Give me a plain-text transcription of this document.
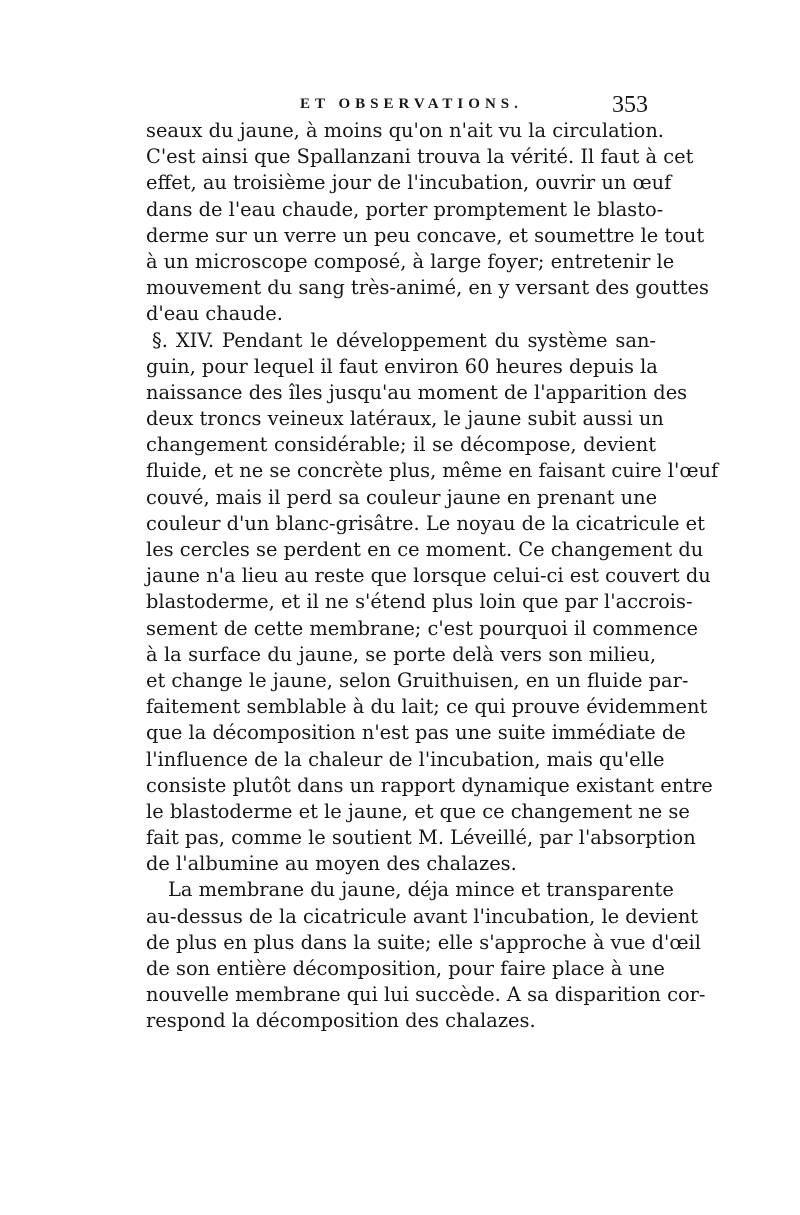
ET OBSERVATIONS.	353
seaux du jaune, à moins qu'on n'ait vu la circulation.
C'est ainsi que Spallanzani trouva la vérité. Il faut à cet
effet, au troisième jour de l'incubation, ouvrir un œuf
dans de l'eau chaude, porter promptement le blasto-
derme sur un verre un peu concave, et soumettre le tout
à un microscope composé, à large foyer; entretenir le
mouvement du sang très-animé, en y versant des gouttes
d'eau chaude.
§. XIV. Pendant le développement du système san-
guin, pour lequel il faut environ 60 heures depuis la
naissance des îles jusqu'au moment de l'apparition des
deux troncs veineux latéraux, le jaune subit aussi un
changement considérable; il se décompose, devient
fluide, et ne se concrète plus, même en faisant cuire l'œuf
couvé, mais il perd sa couleur jaune en prenant une
couleur d'un blanc-grisâtre. Le noyau de la cicatricule et
les cercles se perdent en ce moment. Ce changement du
jaune n'a lieu au reste que lorsque celui-ci est couvert du
blastoderme, et il ne s'étend plus loin que par l'accrois-
sement de cette membrane; c'est pourquoi il commence
à la surface du jaune, se porte delà vers son milieu,
et change le jaune, selon Gruithuisen, en un fluide par-
faitement semblable à du lait; ce qui prouve évidemment
que la décomposition n'est pas une suite immédiate de
l'influence de la chaleur de l'incubation, mais qu'elle
consiste plutôt dans un rapport dynamique existant entre
le blastoderme et le jaune, et que ce changement ne se
fait pas, comme le soutient M. Léveillé, par l'absorption
de l'albumine au moyen des chalazes.
La membrane du jaune, déja mince et transparente
au-dessus de la cicatricule avant l'incubation, le devient
de plus en plus dans la suite; elle s'approche à vue d'œil
de son entière décomposition, pour faire place à une
nouvelle membrane qui lui succède. A sa disparition cor-
respond la décomposition des chalazes.
